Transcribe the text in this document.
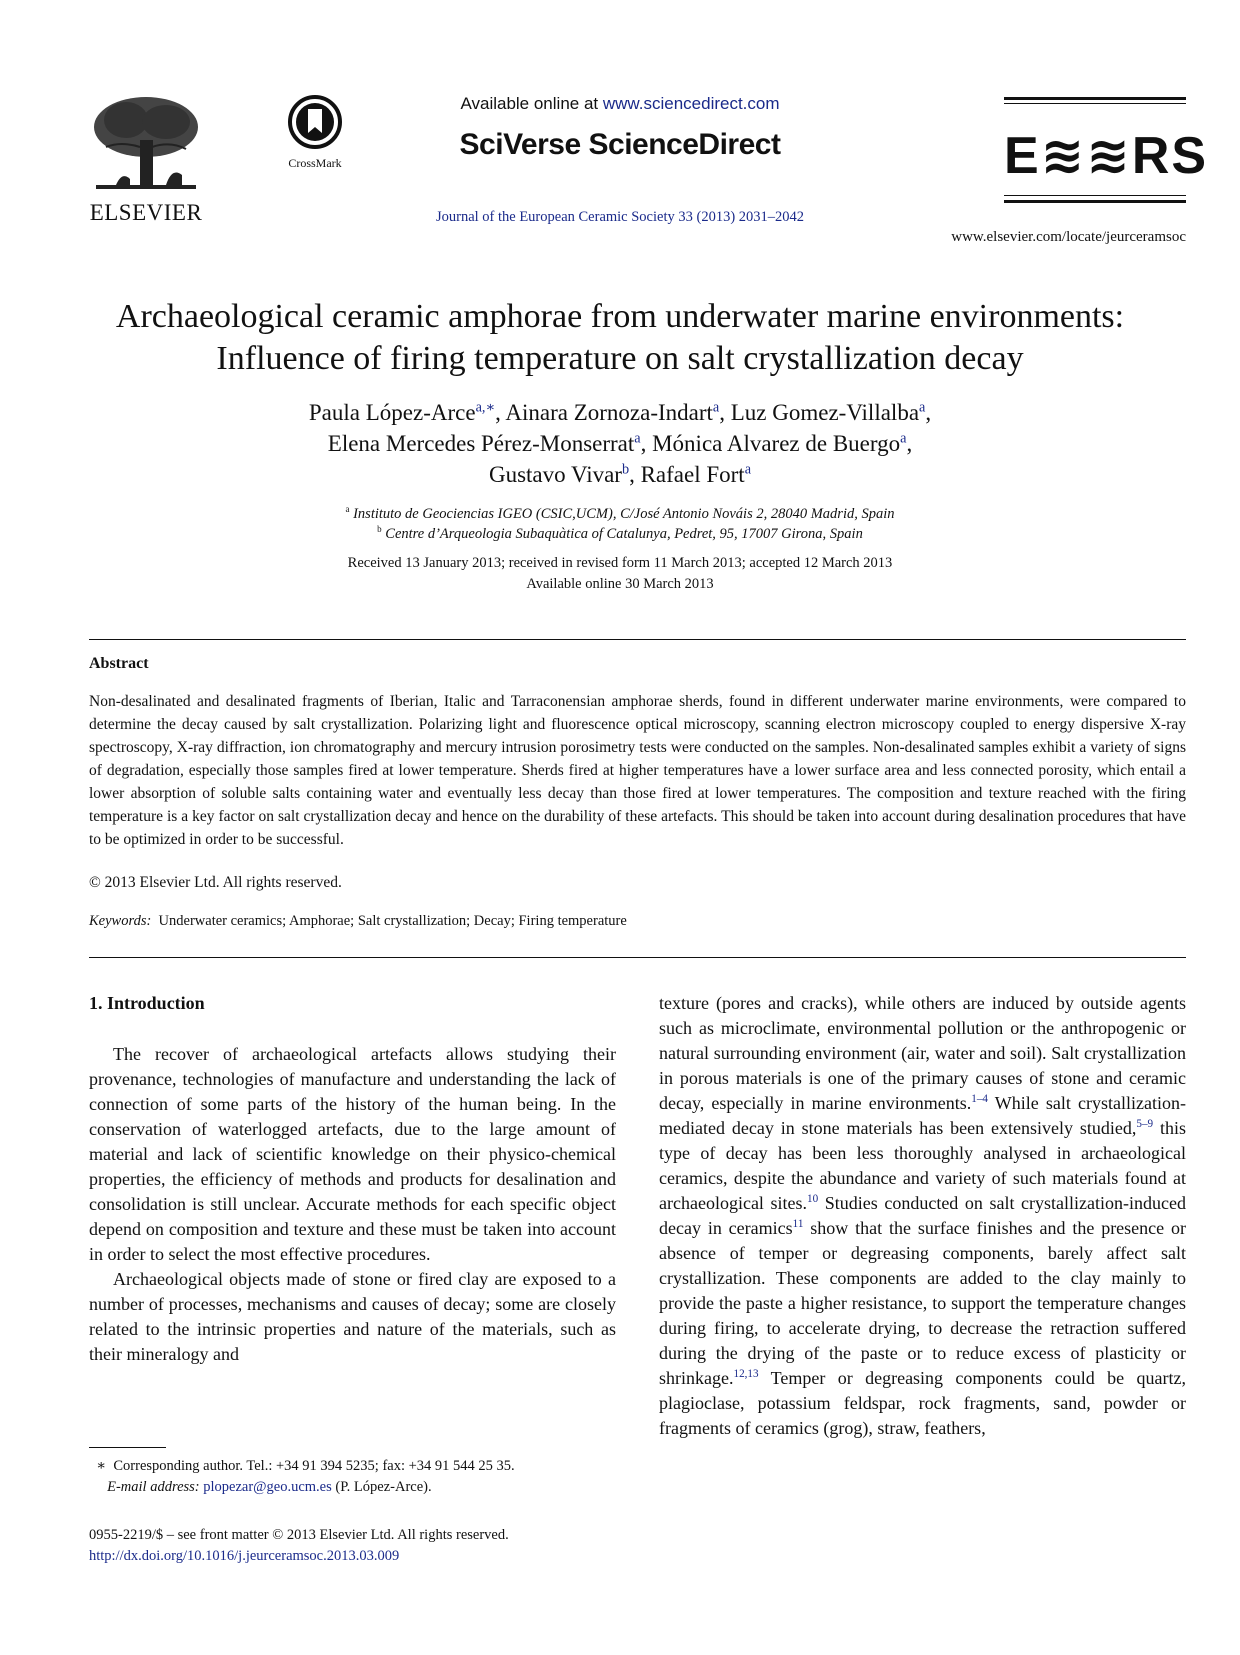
ELSEVIER
CrossMark
Available online at www.sciencedirect.com
SciVerse ScienceDirect
Journal of the European Ceramic Society 33 (2013) 2031–2042
E≋≋RS
www.elsevier.com/locate/jeurceramsoc
Archaeological ceramic amphorae from underwater marine environments:
Influence of firing temperature on salt crystallization decay
Paula López-Arce$^{a,∗}$, Ainara Zornoza-Indart$^a$, Luz Gomez-Villalba$^a$,
Elena Mercedes Pérez-Monserrat$^a$, Mónica Alvarez de Buergo$^a$,
Gustavo Vivar$^b$, Rafael Fort$^a$
$^a$ Instituto de Geociencias IGEO (CSIC,UCM), C/José Antonio Nováis 2, 28040 Madrid, Spain
$^b$ Centre d’Arqueologia Subaquàtica of Catalunya, Pedret, 95, 17007 Girona, Spain
Received 13 January 2013; received in revised form 11 March 2013; accepted 12 March 2013
Available online 30 March 2013
Abstract
Non-desalinated and desalinated fragments of Iberian, Italic and Tarraconensian amphorae sherds, found in different underwater marine environments, were compared to determine the decay caused by salt crystallization. Polarizing light and fluorescence optical microscopy, scanning electron microscopy coupled to energy dispersive X-ray spectroscopy, X-ray diffraction, ion chromatography and mercury intrusion porosimetry tests were conducted on the samples. Non-desalinated samples exhibit a variety of signs of degradation, especially those samples fired at lower temperature. Sherds fired at higher temperatures have a lower surface area and less connected porosity, which entail a lower absorption of soluble salts containing water and eventually less decay than those fired at lower temperatures. The composition and texture reached with the firing temperature is a key factor on salt crystallization decay and hence on the durability of these artefacts. This should be taken into account during desalination procedures that have to be optimized in order to be successful.
© 2013 Elsevier Ltd. All rights reserved.
Keywords: Underwater ceramics; Amphorae; Salt crystallization; Decay; Firing temperature
1. Introduction

The recover of archaeological artefacts allows studying their provenance, technologies of manufacture and understanding the lack of connection of some parts of the history of the human being. In the conservation of waterlogged artefacts, due to the large amount of material and lack of scientific knowledge on their physico-chemical properties, the efficiency of methods and products for desalination and consolidation is still unclear. Accurate methods for each specific object depend on composition and texture and these must be taken into account in order to select the most effective procedures.

Archaeological objects made of stone or fired clay are exposed to a number of processes, mechanisms and causes of decay; some are closely related to the intrinsic properties and nature of the materials, such as their mineralogy and

texture (pores and cracks), while others are induced by outside agents such as microclimate, environmental pollution or the anthropogenic or natural surrounding environment (air, water and soil). Salt crystallization in porous materials is one of the primary causes of stone and ceramic decay, especially in marine environments.$^{1-4}$ While salt crystallization-mediated decay in stone materials has been extensively studied,$^{5-9}$ this type of decay has been less thoroughly analysed in archaeological ceramics, despite the abundance and variety of such materials found at archaeological sites.$^{10}$ Studies conducted on salt crystallization-induced decay in ceramics$^{11}$ show that the surface finishes and the presence or absence of temper or degreasing components, barely affect salt crystallization. These components are added to the clay mainly to provide the paste a higher resistance, to support the temperature changes during firing, to accelerate drying, to decrease the retraction suffered during the drying of the paste or to reduce excess of plasticity or shrinkage.$^{12,13}$ Temper or degreasing components could be quartz, plagioclase, potassium feldspar, rock fragments, sand, powder or fragments of ceramics (grog), straw, feathers,

∗ Corresponding author. Tel.: +34 91 394 5235; fax: +34 91 544 25 35.
E-mail address: plopezar@geo.ucm.es (P. López-Arce).
0955-2219/$ – see front matter © 2013 Elsevier Ltd. All rights reserved.
http://dx.doi.org/10.1016/j.jeurceramsoc.2013.03.009
